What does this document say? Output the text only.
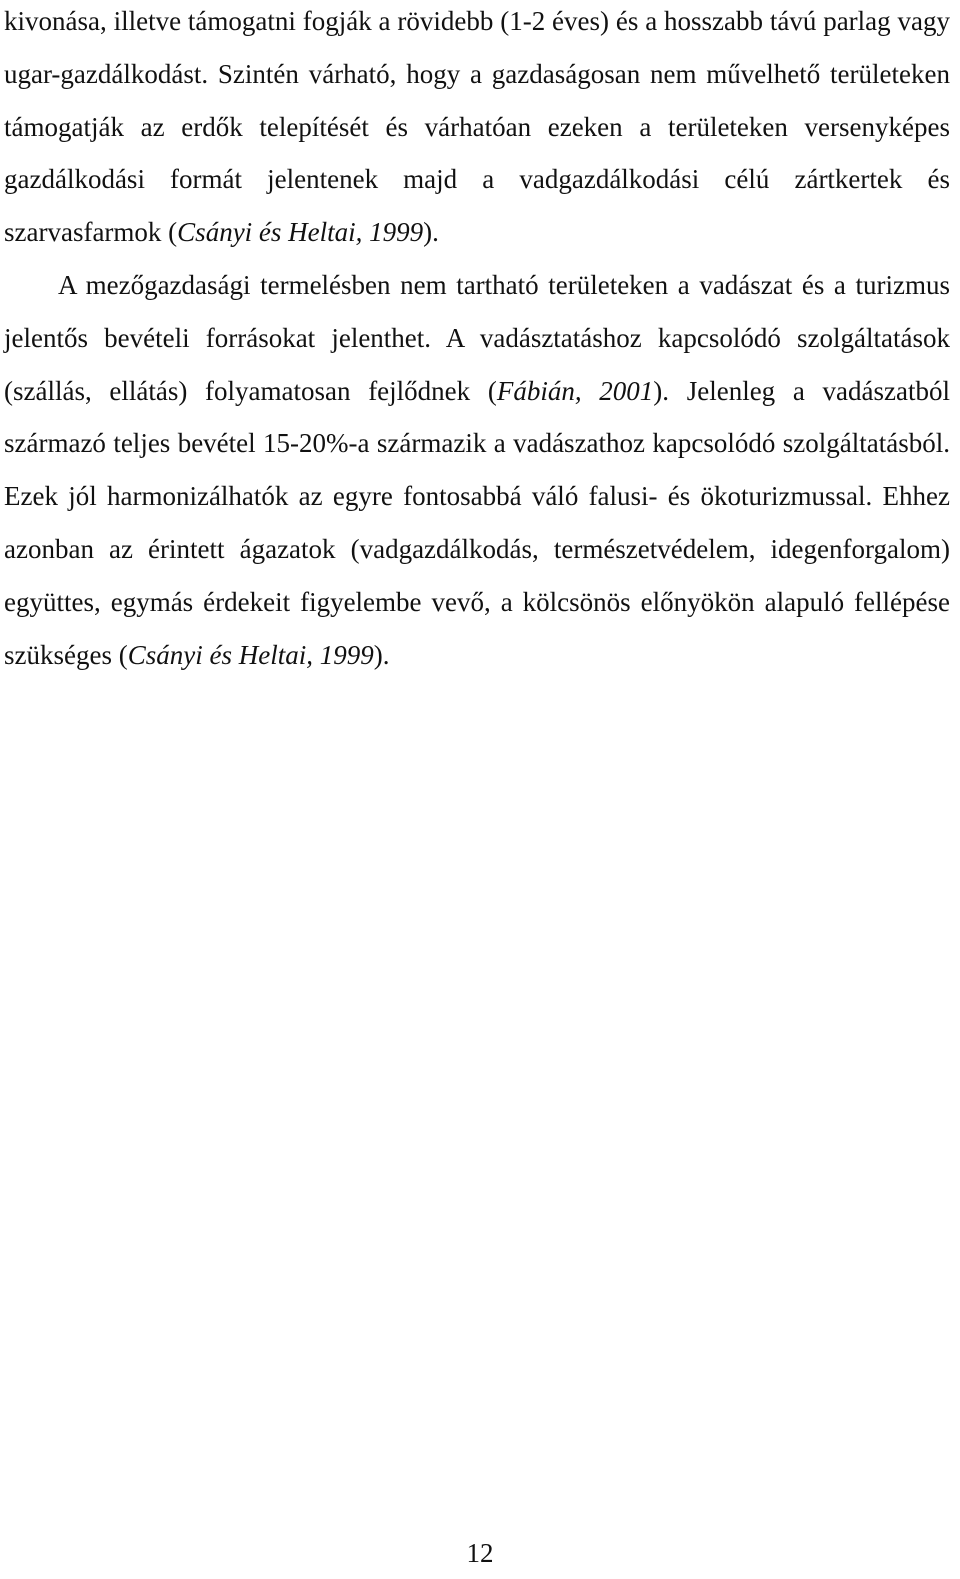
kivonása, illetve támogatni fogják a rövidebb (1-2 éves) és a hosszabb távú parlag vagy ugar-gazdálkodást. Szintén várható, hogy a gazdaságosan nem művelhető területeken támogatják az erdők telepítését és várhatóan ezeken a területeken versenyképes gazdálkodási formát jelentenek majd a vadgazdálkodási célú zártkertek és szarvasfarmok (Csányi és Heltai, 1999).

A mezőgazdasági termelésben nem tartható területeken a vadászat és a turizmus jelentős bevételi forrásokat jelenthet. A vadásztatáshoz kapcsolódó szolgáltatások (szállás, ellátás) folyamatosan fejlődnek (Fábián, 2001). Jelenleg a vadászatból származó teljes bevétel 15-20%-a származik a vadászathoz kapcsolódó szolgáltatásból. Ezek jól harmonizálhatók az egyre fontosabbá váló falusi- és ökoturizmussal. Ehhez azonban az érintett ágazatok (vadgazdálkodás, természetvédelem, idegenforgalom) együttes, egymás érdekeit figyelembe vevő, a kölcsönös előnyökön alapuló fellépése szükséges (Csányi és Heltai, 1999).

12
